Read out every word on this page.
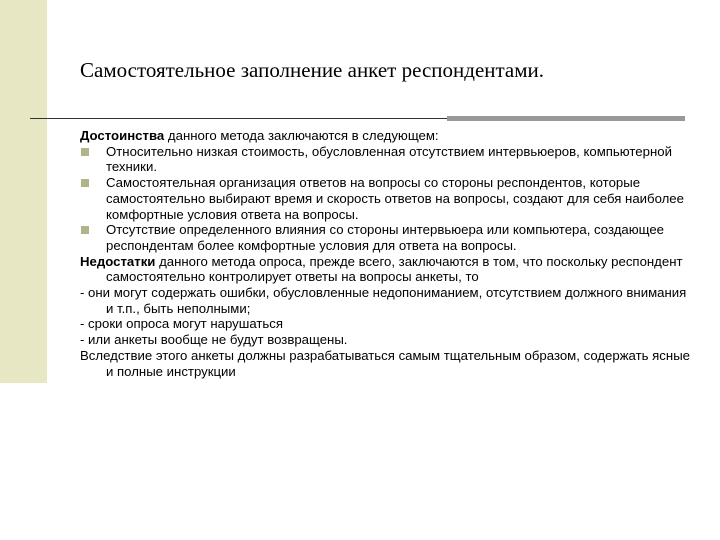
Самостоятельное заполнение анкет респондентами.

Достоинства данного метода заключаются в следующем:

Относительно низкая стоимость, обусловленная отсутствием интервьюеров, компьютерной техники.
Самостоятельная организация ответов на вопросы со стороны респондентов, которые самостоятельно выбирают время и скорость ответов на вопросы, создают для себя наиболее комфортные условия ответа на вопросы.
Отсутствие определенного влияния со стороны интервьюера или компьютера, создающее респондентам более комфортные условия для ответа на вопросы.

Недостатки данного метода опроса, прежде всего, заключаются в том, что поскольку респондент самостоятельно контролирует ответы на вопросы анкеты, то

- они могут содержать ошибки, обусловленные недопониманием, отсутствием должного внимания и т.п., быть неполными;

- сроки опроса могут нарушаться

- или анкеты вообще не будут возвращены.

Вследствие этого анкеты должны разрабатываться самым тщательным образом, содержать ясные и полные инструкции
